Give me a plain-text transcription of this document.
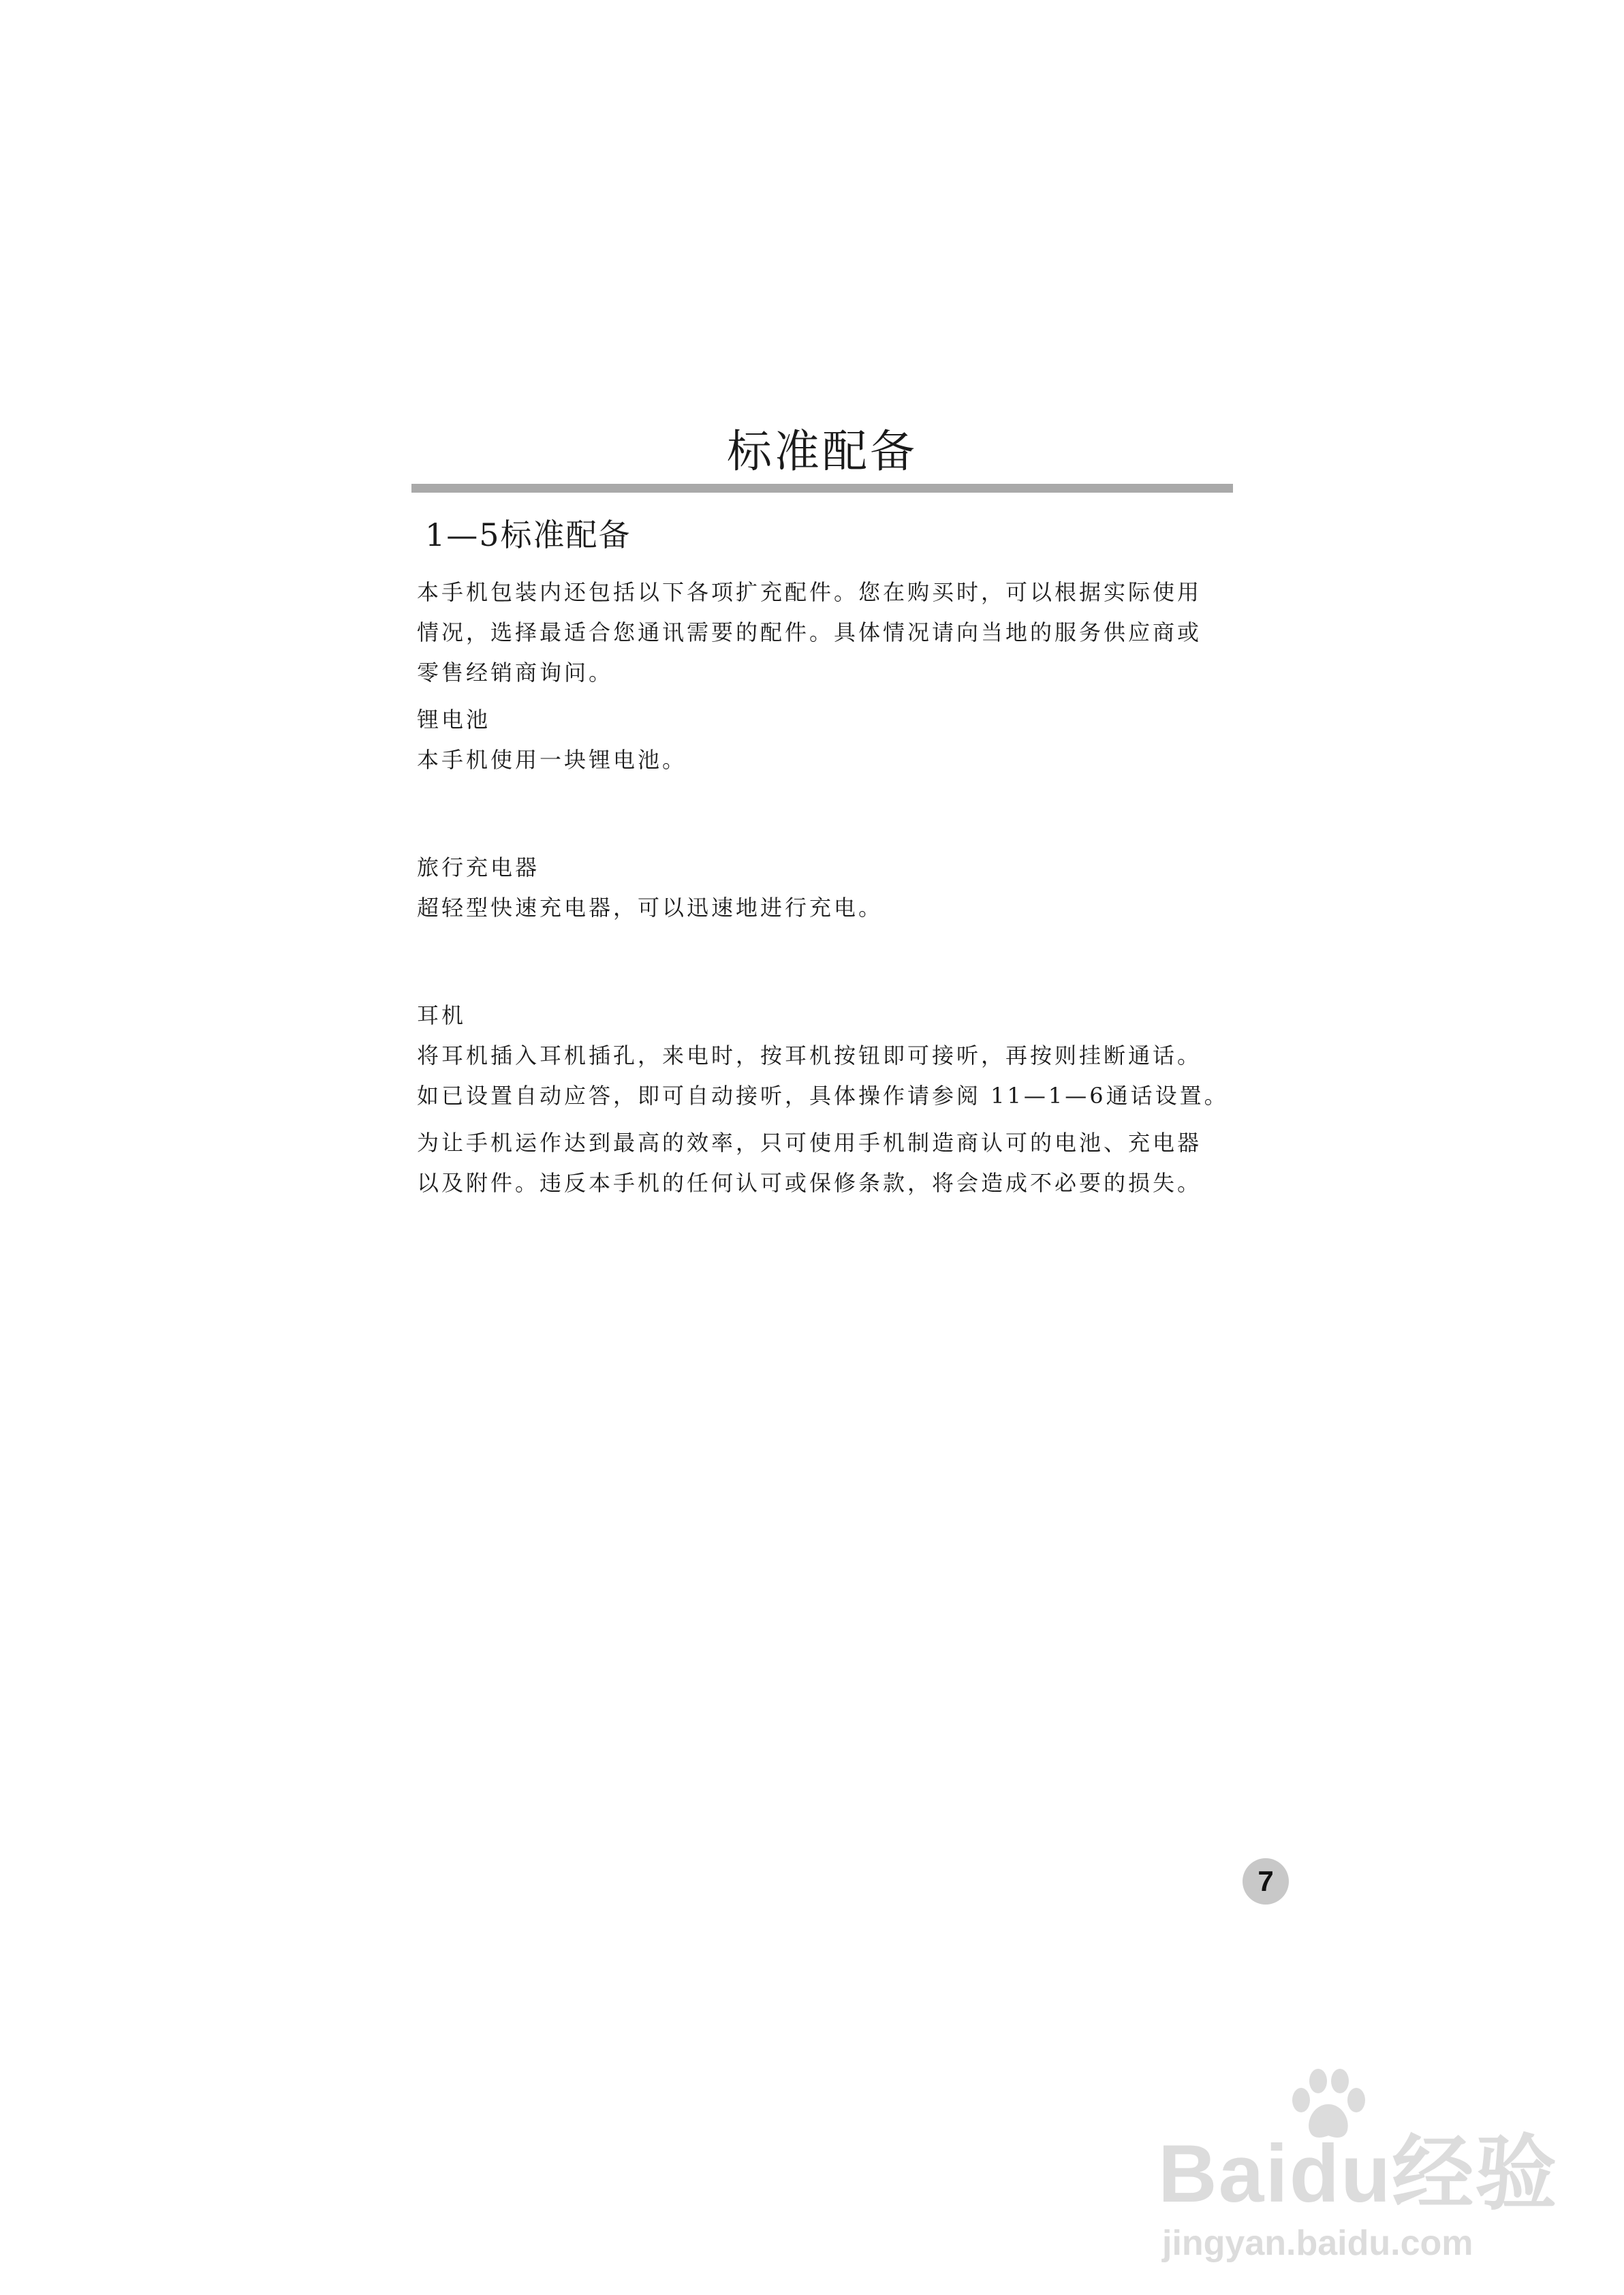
标准配备
1—5标准配备

本手机包装内还包括以下各项扩充配件。您在购买时，可以根据实际使用

情况，选择最适合您通讯需要的配件。具体情况请向当地的服务供应商或

零售经销商询问。

锂电池

本手机使用一块锂电池。

旅行充电器

超轻型快速充电器，可以迅速地进行充电。

耳机

将耳机插入耳机插孔，来电时，按耳机按钮即可接听，再按则挂断通话。

如已设置自动应答，即可自动接听，具体操作请参阅 11—1—6通话设置。

为让手机运作达到最高的效率，只可使用手机制造商认可的电池、充电器

以及附件。违反本手机的任何认可或保修条款，将会造成不必要的损失。

7
Baidu经验
jingyan.baidu.com
